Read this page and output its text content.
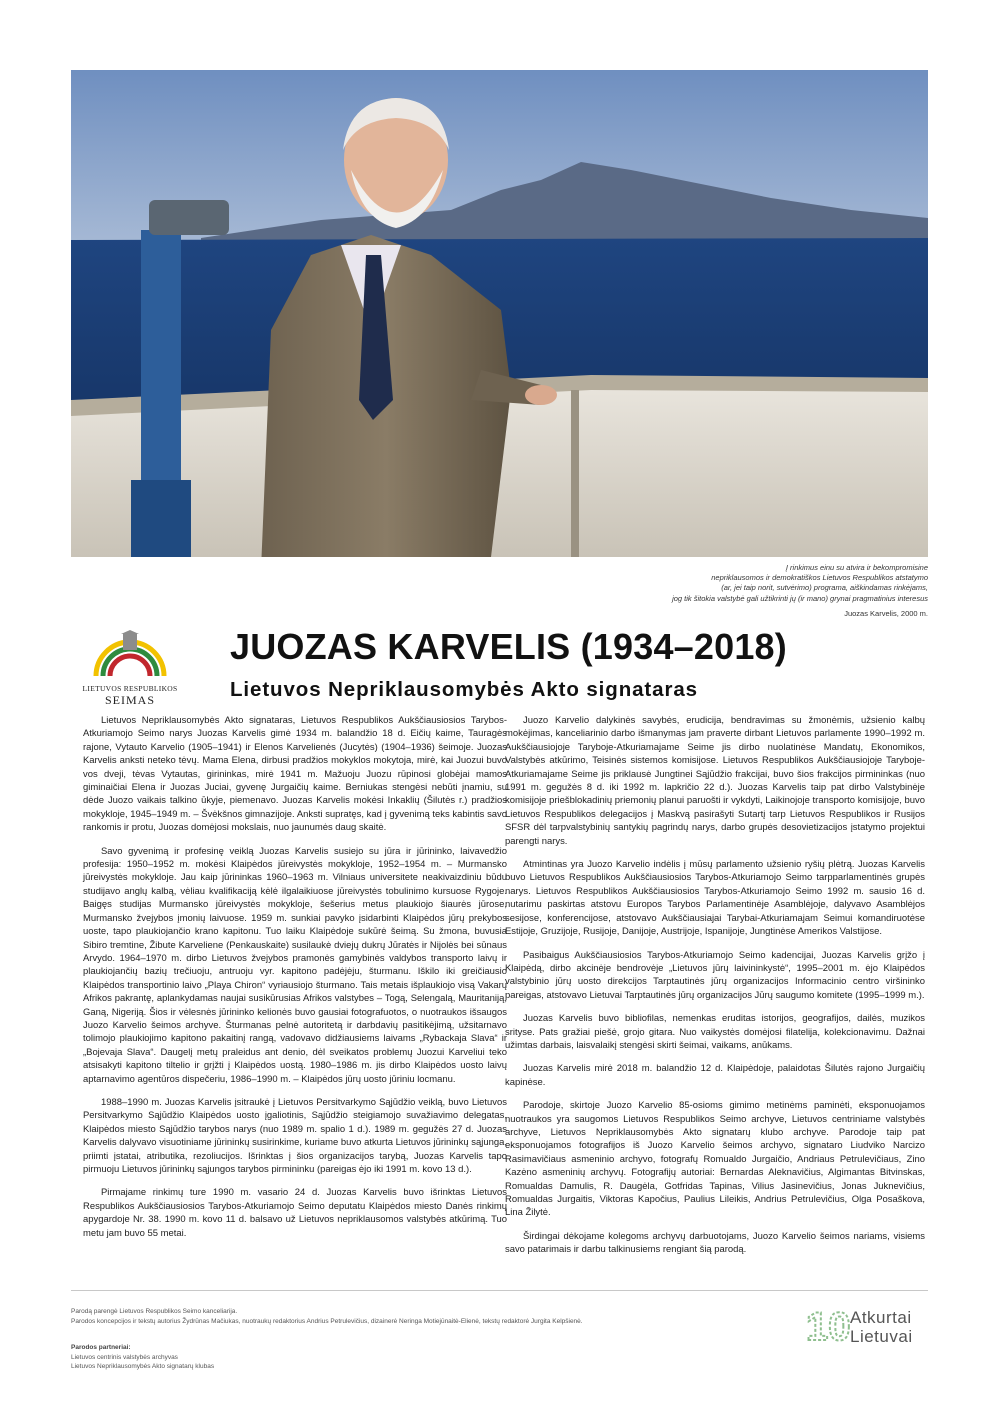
Į rinkimus einu su atvira ir bekompromisine
nepriklausomos ir demokratiškos Lietuvos Respublikos atstatymo
(ar, jei taip norit, sutvėrimo) programa, aiškindamas rinkėjams,
jog tik šitokia valstybė gali užtikrinti jų (ir mano) grynai pragmatinius interesus
Juozas Karvelis, 2000 m.
LIETUVOS RESPUBLIKOS
SEIMAS
JUOZAS KARVELIS (1934–2018)
Lietuvos Nepriklausomybės Akto signataras

Lietuvos Nepriklausomybės Akto signataras, Lietuvos Respublikos Aukščiausiosios Tarybos-Atkuriamojo Seimo narys Juozas Karvelis gimė 1934 m. balandžio 18 d. Eičių kaime, Tauragės rajone, Vytauto Karvelio (1905–1941) ir Elenos Karvelienės (Jucytės) (1904–1936) šeimoje. Juozas Karvelis anksti neteko tėvų. Mama Elena, dirbusi pradžios mokyklos mokytoja, mirė, kai Juozui buvo vos dveji, tėvas Vytautas, girininkas, mirė 1941 m. Mažuoju Juozu rūpinosi globėjai mamos giminaičiai Elena ir Juozas Juciai, gyvenę Jurgaičių kaime. Berniukas stengėsi nebūti įnamiu, su dėde Juozo vaikais talkino ūkyje, piemenavo. Juozas Karvelis mokėsi Inkaklių (Šilutės r.) pradžios mokykloje, 1945–1949 m. – Švėkšnos gimnazijoje. Anksti supratęs, kad į gyvenimą teks kabintis savo rankomis ir protu, Juozas domėjosi mokslais, nuo jaunumės daug skaitė.

Savo gyvenimą ir profesinę veiklą Juozas Karvelis susiejo su jūra ir jūrininko, laivavedžio profesija: 1950–1952 m. mokėsi Klaipėdos jūreivystės mokykloje, 1952–1954 m. – Murmansko jūreivystės mokykloje. Jau kaip jūrininkas 1960–1963 m. Vilniaus universitete neakivaizdiniu būdu studijavo anglų kalbą, vėliau kvalifikaciją kėlė ilgalaikiuose jūreivystės tobulinimo kursuose Rygoje. Baigęs studijas Murmansko jūreivystės mokykloje, šešerius metus plaukiojo šiaurės jūrose, Murmansko žvejybos įmonių laivuose. 1959 m. sunkiai pavyko įsidarbinti Klaipėdos jūrų prekybos uoste, tapo plaukiojančio krano kapitonu. Tuo laiku Klaipėdoje sukūrė šeimą. Su žmona, buvusia Sibiro tremtine, Žibute Karveliene (Penkauskaite) susilaukė dviejų dukrų Jūratės ir Nijolės bei sūnaus Arvydo. 1964–1970 m. dirbo Lietuvos žvejybos pramonės gamybinės valdybos transporto laivų ir plaukiojančių bazių trečiuoju, antruoju vyr. kapitono padėjėju, šturmanu. Iškilo iki greičiausio Klaipėdos transportinio laivo „Playa Chiron“ vyriausiojo šturmano. Tais metais išplaukiojo visą Vakarų Afrikos pakrantę, aplankydamas naujai susikūrusias Afrikos valstybes – Togą, Selengalą, Mauritaniją, Ganą, Nigeriją. Šios ir vėlesnės jūrininko kelionės buvo gausiai fotografuotos, o nuotraukos išsaugos Juozo Karvelio šeimos archyve. Šturmanas pelnė autoritetą ir darbdavių pasitikėjimą, užsitarnavo tolimojo plaukiojimo kapitono pakaitinį rangą, vadovavo didžiausiems laivams „Rybackaja Slava“ ir „Bojevaja Slava“. Daugelį metų praleidus ant denio, dėl sveikatos problemų Juozui Karveliui teko atsisakyti kapitono tiltelio ir grįžti į Klaipėdos uostą. 1980–1986 m. jis dirbo Klaipėdos uosto laivų aptarnavimo agentūros dispečeriu, 1986–1990 m. – Klaipėdos jūrų uosto jūriniu locmanu.

1988–1990 m. Juozas Karvelis įsitraukė į Lietuvos Persitvarkymo Sąjūdžio veiklą, buvo Lietuvos Persitvarkymo Sąjūdžio Klaipėdos uosto įgaliotinis, Sąjūdžio steigiamojo suvažiavimo delegatas, Klaipėdos miesto Sąjūdžio tarybos narys (nuo 1989 m. spalio 1 d.). 1989 m. gegužės 27 d. Juozas Karvelis dalyvavo visuotiniame jūrininkų susirinkime, kuriame buvo atkurta Lietuvos jūrininkų sąjunga, priimti įstatai, atributika, rezoliucijos. Išrinktas į šios organizacijos tarybą, Juozas Karvelis tapo pirmuoju Lietuvos jūrininkų sąjungos tarybos pirmininku (pareigas ėjo iki 1991 m. kovo 13 d.).

Pirmajame rinkimų ture 1990 m. vasario 24 d. Juozas Karvelis buvo išrinktas Lietuvos Respublikos Aukščiausiosios Tarybos-Atkuriamojo Seimo deputatu Klaipėdos miesto Danės rinkimų apygardoje Nr. 38. 1990 m. kovo 11 d. balsavo už Lietuvos nepriklausomos valstybės atkūrimą. Tuo metu jam buvo 55 metai.

Juozo Karvelio dalykinės savybės, erudicija, bendravimas su žmonėmis, užsienio kalbų mokėjimas, kanceliarinio darbo išmanymas jam praverte dirbant Lietuvos parlamente 1990–1992 m. Aukščiausiojoje Taryboje-Atkuriamajame Seime jis dirbo nuolatinėse Mandatų, Ekonomikos, Valstybės atkūrimo, Teisinės sistemos komisijose. Lietuvos Respublikos Aukščiausiojoje Taryboje-Atkuriamajame Seime jis priklausė Jungtinei Sąjūdžio frakcijai, buvo šios frakcijos pirmininkas (nuo 1991 m. gegužės 8 d. iki 1992 m. lapkričio 22 d.). Juozas Karvelis taip pat dirbo Valstybinėje komisijoje priešblokadinių priemonių planui paruošti ir vykdyti, Laikinojoje transporto komisijoje, buvo Lietuvos Respublikos delegacijos į Maskvą pasirašyti Sutartį tarp Lietuvos Respublikos ir Rusijos SFSR dėl tarpvalstybinių santykių pagrindų narys, darbo grupės desovietizacijos įstatymo projektui parengti narys.

Atmintinas yra Juozo Karvelio indėlis į mūsų parlamento užsienio ryšių plėtrą. Juozas Karvelis buvo Lietuvos Respublikos Aukščiausiosios Tarybos-Atkuriamojo Seimo tarpparlamentinės grupės narys. Lietuvos Respublikos Aukščiausiosios Tarybos-Atkuriamojo Seimo 1992 m. sausio 16 d. nutarimu paskirtas atstovu Europos Tarybos Parlamentinėje Asamblėjoje, dalyvavo Asamblėjos sesijose, konferencijose, atstovavo Aukščiausiajai Tarybai-Atkuriamajam Seimui komandiruotėse Estijoje, Gruzijoje, Rusijoje, Danijoje, Austrijoje, Ispanijoje, Jungtinėse Amerikos Valstijose.

Pasibaigus Aukščiausiosios Tarybos-Atkuriamojo Seimo kadencijai, Juozas Karvelis grįžo į Klaipėdą, dirbo akcinėje bendrovėje „Lietuvos jūrų laivininkystė“, 1995–2001 m. ėjo Klaipėdos valstybinio jūrų uosto direkcijos Tarptautinės jūrų organizacijos Informacinio centro viršininko pareigas, atstovavo Lietuvai Tarptautinės jūrų organizacijos Jūrų saugumo komitete (1995–1999 m.).

Juozas Karvelis buvo bibliofilas, nemenkas eruditas istorijos, geografijos, dailės, muzikos srityse. Pats gražiai piešė, grojo gitara. Nuo vaikystės domėjosi filatelija, kolekcionavimu. Dažnai užimtas darbais, laisvalaikį stengėsi skirti šeimai, vaikams, anūkams.

Juozas Karvelis mirė 2018 m. balandžio 12 d. Klaipėdoje, palaidotas Šilutės rajono Jurgaičių kapinėse.

Parodoje, skirtoje Juozo Karvelio 85-osioms gimimo metinėms paminėti, eksponuojamos nuotraukos yra saugomos Lietuvos Respublikos Seimo archyve, Lietuvos centriniame valstybės archyve, Lietuvos Nepriklausomybės Akto signatarų klubo archyve. Parodoje taip pat eksponuojamos fotografijos iš Juozo Karvelio šeimos archyvo, signataro Liudviko Narcizo Rasimavičiaus asmeninio archyvo, fotografų Romualdo Jurgaičio, Andriaus Petrulevičiaus, Zino Kazėno asmeninių archyvų. Fotografijų autoriai: Bernardas Aleknavičius, Algimantas Bitvinskas, Romualdas Damulis, R. Daugėla, Gotfridas Tapinas, Vilius Jasinevičius, Jonas Juknevičius, Romualdas Jurgaitis, Viktoras Kapočius, Paulius Lileikis, Andrius Petrulevičius, Olga Posaškova, Lina Žilytė.

Širdingai dėkojame kolegoms archyvų darbuotojams, Juozo Karvelio šeimos nariams, visiems savo patarimais ir darbu talkinusiems rengiant šią parodą.

Parodą parengė Lietuvos Respublikos Seimo kanceliarija.
Parodos koncepcijos ir tekstų autorius Žydrūnas Mačiukas, nuotraukų redaktorius Andrius Petrulevičius, dizainerė Neringa Motiejūnaitė-Elienė, tekstų redaktorė Jurgita Kelpšienė.
Parodos partneriai:
Lietuvos centrinis valstybės archyvas
Lietuvos Nepriklausomybės Akto signatarų klubas
10 Atkurtai
Lietuvai
